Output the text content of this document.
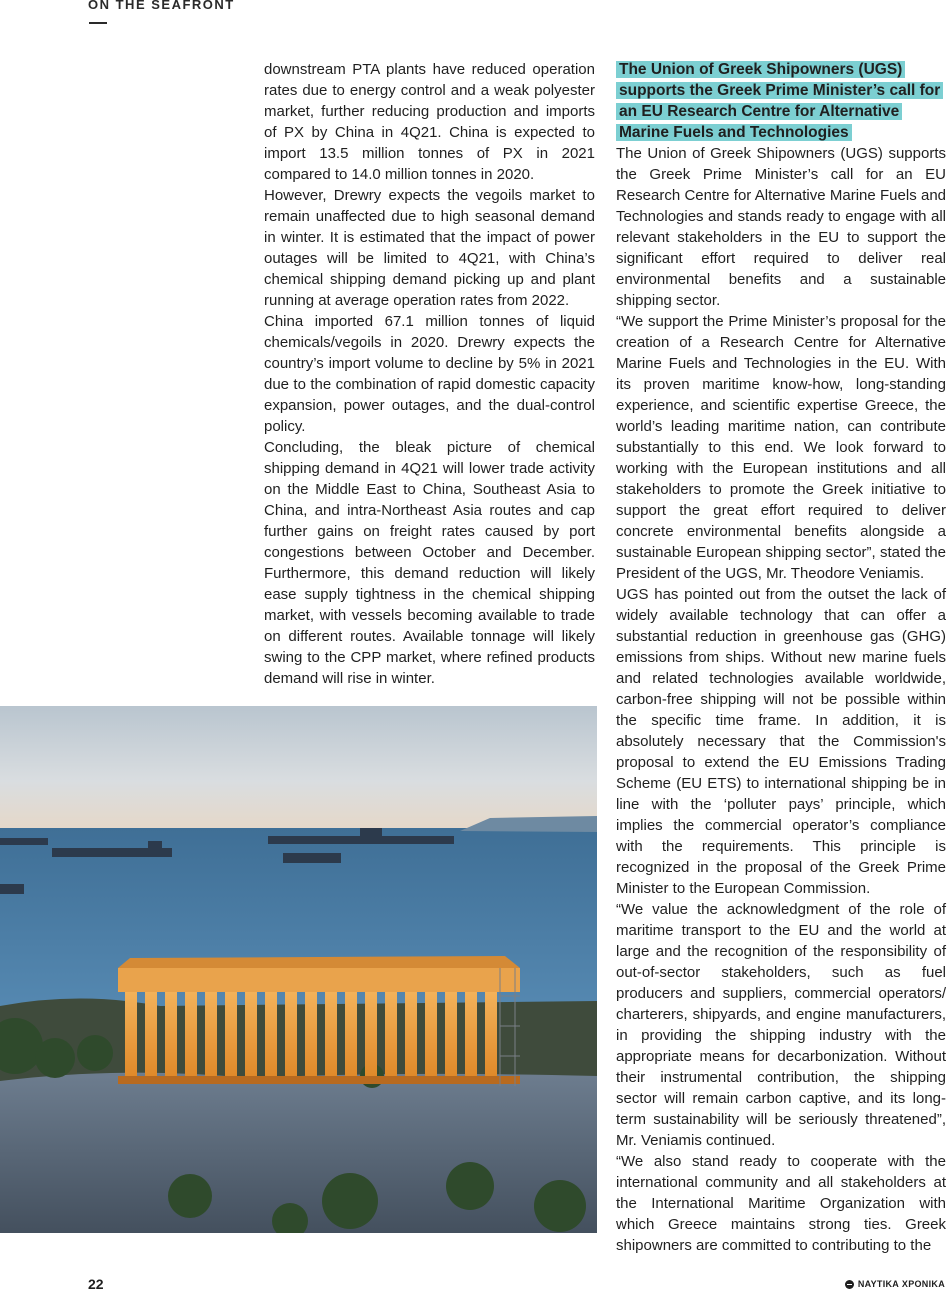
ON THE SEAFRONT

downstream PTA plants have reduced operation rates due to energy control and a weak polyester market, further reducing production and imports of PX by China in 4Q21. China is expected to import 13.5 million tonnes of PX in 2021 compared to 14.0 million tonnes in 2020.

However, Drewry expects the vegoils market to remain unaffected due to high seasonal demand in winter. It is estimated that the impact of power outages will be limited to 4Q21, with China’s chemical shipping demand picking up and plant running at average operation rates from 2022.

China imported 67.1 million tonnes of liquid chemicals/vegoils in 2020. Drewry expects the country’s import volume to decline by 5% in 2021 due to the combination of rapid domestic capacity expansion, power outages, and the dual-control policy.

Concluding, the bleak picture of chemical shipping demand in 4Q21 will lower trade activity on the Middle East to China, Southeast Asia to China, and intra-Northeast Asia routes and cap further gains on freight rates caused by port congestions between October and December. Furthermore, this demand reduction will likely ease supply tightness in the chemical shipping market, with vessels becoming available to trade on different routes. Available tonnage will likely swing to the CPP market, where refined products demand will rise in winter.

The Union of Greek Shipowners (UGS) supports the Greek Prime Minister’s call for an EU Research Centre for Alternative Marine Fuels and Technologies

The Union of Greek Shipowners (UGS) supports the Greek Prime Minister’s call for an EU Research Centre for Alternative Marine Fuels and Technologies and stands ready to engage with all relevant stakeholders in the EU to support the significant effort required to deliver real environmental benefits and a sustainable shipping sector.

“We support the Prime Minister’s proposal for the creation of a Research Centre for Alternative Marine Fuels and Technologies in the EU. With its proven maritime know-how, long-standing experience, and scientific expertise Greece, the world’s leading maritime nation, can contribute substantially to this end. We look forward to working with the European institutions and all stakeholders to promote the Greek initiative to support the great effort required to deliver concrete environmental benefits alongside a sustainable European shipping sector”, stated the President of the UGS, Mr. Theodore Veniamis.

UGS has pointed out from the outset the lack of widely available technology that can offer a substantial reduction in greenhouse gas (GHG) emissions from ships. Without new marine fuels and related technologies available worldwide, carbon-free shipping will not be possible within the specific time frame. In addition, it is absolutely necessary that the Commission's proposal to extend the EU Emissions Trading Scheme (EU ETS) to international shipping be in line with the ‘polluter pays’ principle, which implies the commercial operator’s compliance with the requirements. This principle is recognized in the proposal of the Greek Prime Minister to the European Commission.

“We value the acknowledgment of the role of maritime transport to the EU and the world at large and the recognition of the responsibility of out-of-sector stakeholders, such as fuel producers and suppliers, commercial operators/ charterers, shipyards, and engine manufacturers, in providing the shipping industry with the appropriate means for decarbonization. Without their instrumental contribution, the shipping sector will remain carbon captive, and its long-term sustainability will be seriously threatened”, Mr. Veniamis continued.

“We also stand ready to cooperate with the international community and all stakeholders at the International Maritime Organization with which Greece maintains strong ties. Greek shipowners are committed to contributing to the

22	ΝΑΥΤΙΚΑ ΧΡΟΝΙΚΑ
